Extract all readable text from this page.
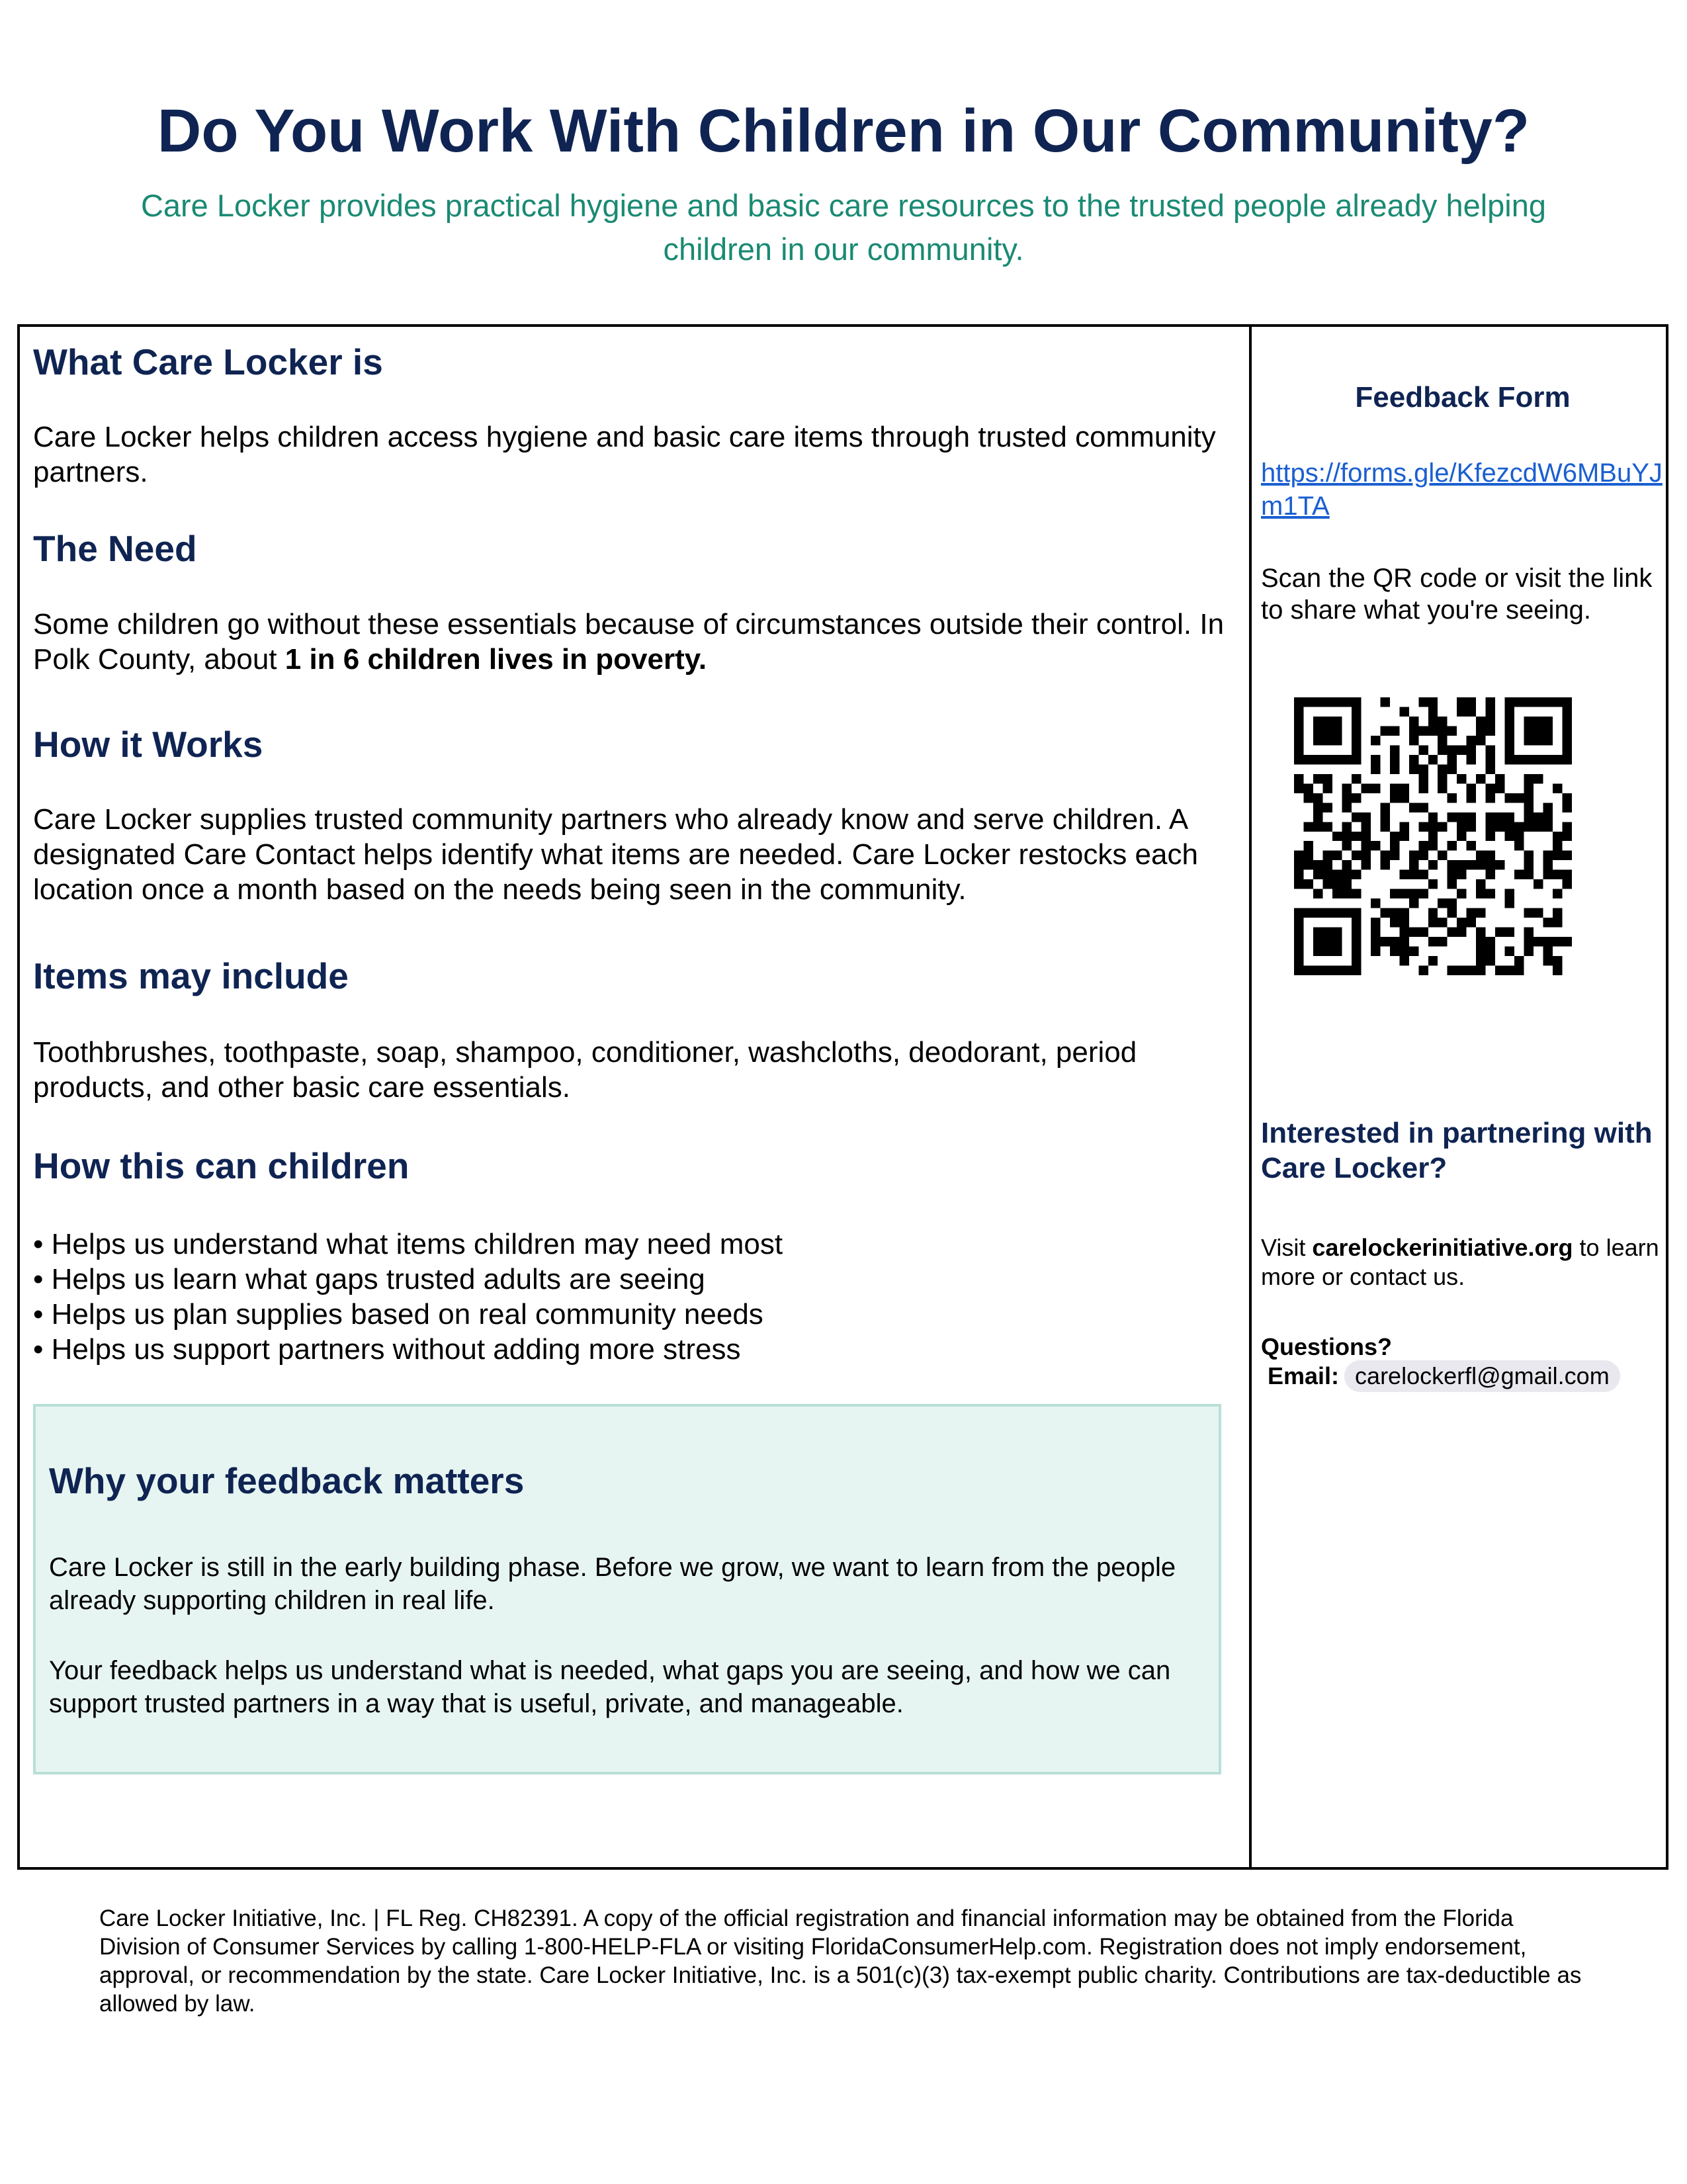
Do You Work With Children in Our Community?

Care Locker provides practical hygiene and basic care resources to the trusted people already helping children in our community.

What Care Locker is

Care Locker helps children access hygiene and basic care items through trusted community partners.

The Need

Some children go without these essentials because of circumstances outside their control. In Polk County, about 1 in 6 children lives in poverty.

How it Works

Care Locker supplies trusted community partners who already know and serve children. A designated Care Contact helps identify what items are needed. Care Locker restocks each location once a month based on the needs being seen in the community.

Items may include

Toothbrushes, toothpaste, soap, shampoo, conditioner, washcloths, deodorant, period products, and other basic care essentials.

How this can children
• Helps us understand what items children may need most
• Helps us learn what gaps trusted adults are seeing
• Helps us plan supplies based on real community needs
• Helps us support partners without adding more stress
Why your feedback matters

Care Locker is still in the early building phase. Before we grow, we want to learn from the people already supporting children in real life.

Your feedback helps us understand what is needed, what gaps you are seeing, and how we can support trusted partners in a way that is useful, private, and manageable.

Feedback Form

https://forms.gle/KfezcdW6MBuYJm1TA

Scan the QR code or visit the link to share what you're seeing.

Interested in partnering with Care Locker?

Visit carelockerinitiative.org to learn more or contact us.

Questions?

Email: carelockerfl@gmail.com

Care Locker Initiative, Inc. | FL Reg. CH82391. A copy of the official registration and financial information may be obtained from the Florida Division of Consumer Services by calling 1-800-HELP-FLA or visiting FloridaConsumerHelp.com. Registration does not imply endorsement, approval, or recommendation by the state. Care Locker Initiative, Inc. is a 501(c)(3) tax-exempt public charity. Contributions are tax-deductible as allowed by law.
